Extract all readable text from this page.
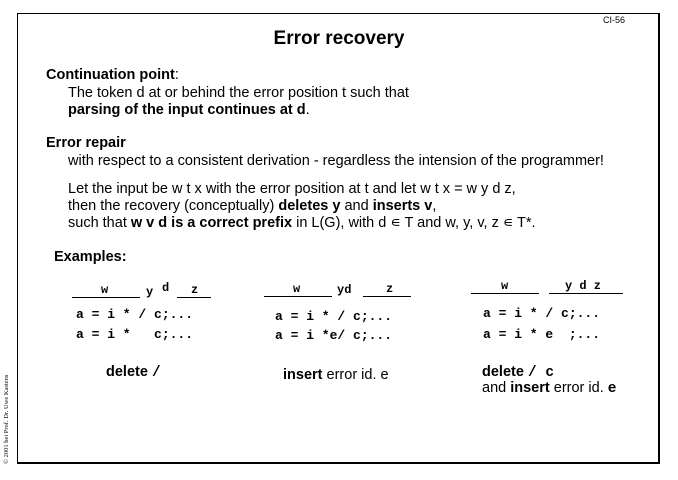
CI-56
Error recovery
© 2001 bei Prof. Dr. Uwe Kastens
Continuation point:
The token d at or behind the error position t such that
parsing of the input continues at d.
Error repair
with respect to a consistent derivation - regardless the intension of the programmer!
Let the input be w t x with the error position at t and let w t x = w y d z,
then the recovery (conceptually) deletes y and inserts v,
such that w v d is a correct prefix in L(G), with d ∊ T and w, y, v, z ∊ T*.
Examples:
w	y d z
a = i * / c;...
a = i *   c;...
delete /
w	yd	z
a = i * / c;...
a = i *e/ c;...
insert error id. e
w	y d z
a = i * / c;...
a = i * e  ;...
delete / c
and insert error id. e
